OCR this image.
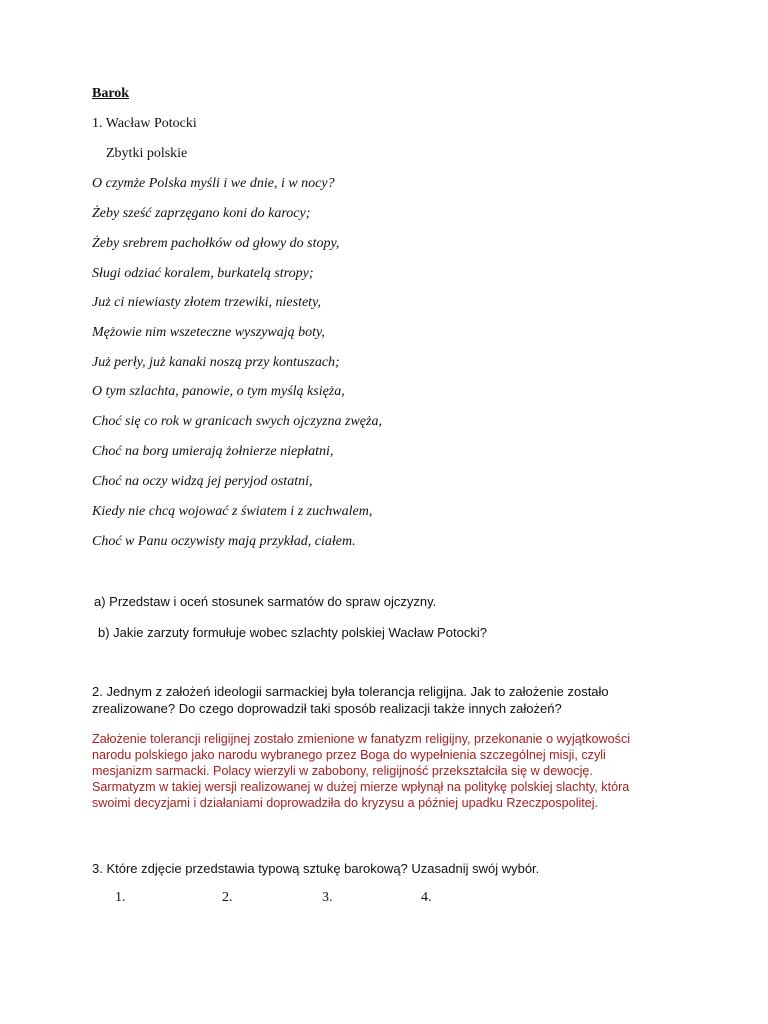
Barok
1. Wacław Potocki
Zbytki polskie
O czymże Polska myśli i we dnie, i w nocy?
Żeby sześć zaprzęgano koni do karocy;
Żeby srebrem pachołków od głowy do stopy,
Sługi odziać koralem, burkatelą stropy;
Już ci niewiasty złotem trzewiki, niestety,
Mężowie nim wszeteczne wyszywają boty,
Już perły, już kanaki noszą przy kontuszach;
O tym szlachta, panowie, o tym myślą księża,
Choć się co rok w granicach swych ojczyzna zwęża,
Choć na borg umierają żołnierze niepłatni,
Choć na oczy widzą jej peryjod ostatni,
Kiedy nie chcą wojować z światem i z zuchwalem,
Choć w Panu oczywisty mają przykład, ciałem.
a) Przedstaw i oceń stosunek sarmatów do spraw ojczyzny.
b) Jakie zarzuty formułuje wobec szlachty polskiej Wacław Potocki?
2. Jednym z założeń ideologii sarmackiej była tolerancja religijna. Jak to założenie zostało
zrealizowane? Do czego doprowadził taki sposób realizacji także innych założeń?
Założenie tolerancji religijnej zostało zmienione w fanatyzm religijny, przekonanie o wyjątkowości
narodu polskiego jako narodu wybranego przez Boga do wypełnienia szczególnej misji, czyli
mesjanizm sarmacki. Polacy wierzyli w zabobony, religijność przekształciła się w dewocję.
Sarmatyzm w takiej wersji realizowanej w dużej mierze wpłynął na politykę polskiej slachty, która
swoimi decyzjami i działaniami doprowadziła do kryzysu a później upadku Rzeczpospolitej.
3. Które zdjęcie przedstawia typową sztukę barokową? Uzasadnij swój wybór.
1.	2.	3.	4.
